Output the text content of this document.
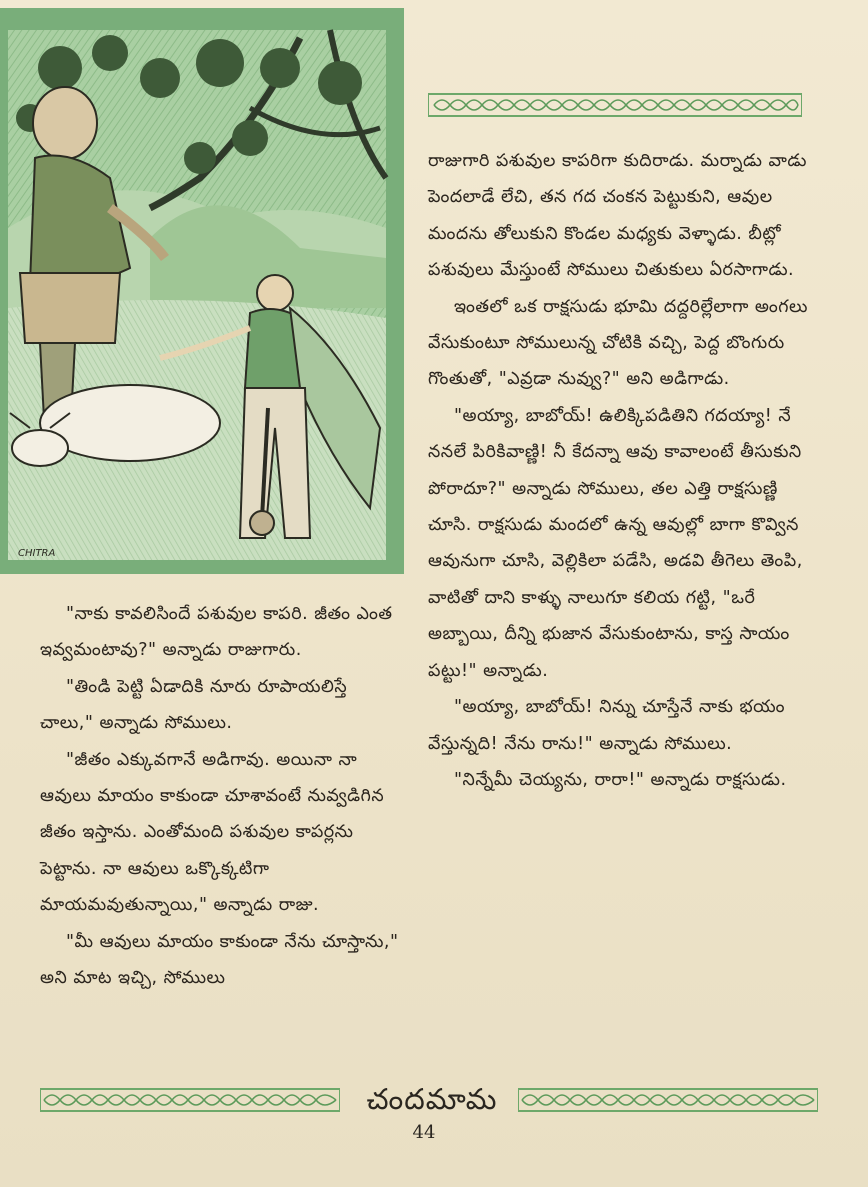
CHITRA

రాజుగారి పశువుల కాపరిగా కుదిరాడు. మర్నాడు వాడు పెందలాడే లేచి, తన గద చంకన పెట్టుకుని, ఆవుల మందను తోలుకుని కొండల మధ్యకు వెళ్ళాడు. బీట్లో పశువులు మేస్తుంటే సోములు చితుకులు ఏరసాగాడు.

ఇంతలో ఒక రాక్షసుడు భూమి దద్దరిల్లేలాగా అంగలు వేసుకుంటూ సోములున్న చోటికి వచ్చి, పెద్ద బొంగురు గొంతుతో, "ఎవ్రడా నువ్వు?" అని అడిగాడు.

"అయ్యా, బాబోయ్! ఉలిక్కిపడితిని గదయ్యా! నే ననలే పిరికివాణ్ణి! నీ కేదన్నా ఆవు కావాలంటే తీసుకుని పోరాదూ?" అన్నాడు సోములు, తల ఎత్తి రాక్షసుణ్ణి చూసి. రాక్షసుడు మందలో ఉన్న ఆవుల్లో బాగా కొవ్విన ఆవునుగా చూసి, వెల్లికిలా పడేసి, అడవి తీగెలు తెంపి, వాటితో దాని కాళ్ళు నాలుగూ కలియ గట్టి, "ఒరే అబ్బాయి, దీన్ని భుజాన వేసుకుంటాను, కాస్త సాయం పట్టు!" అన్నాడు.

"అయ్యా, బాబోయ్! నిన్ను చూస్తేనే నాకు భయం వేస్తున్నది! నేను రాను!" అన్నాడు సోములు.

"నిన్నేమీ చెయ్యను, రారా!" అన్నాడు రాక్షసుడు.

"నాకు కావలిసిందే పశువుల కాపరి. జీతం ఎంత ఇవ్వమంటావు?" అన్నాడు రాజుగారు.

"తిండి పెట్టి ఏడాదికి నూరు రూపాయలిస్తే చాలు," అన్నాడు సోములు.

"జీతం ఎక్కువగానే అడిగావు. అయినా నా ఆవులు మాయం కాకుండా చూశావంటే నువ్వడిగిన జీతం ఇస్తాను. ఎంతోమంది పశువుల కాపర్లను పెట్టాను. నా ఆవులు ఒక్కొక్కటిగా మాయమవుతున్నాయి," అన్నాడు రాజు.

"మీ ఆవులు మాయం కాకుండా నేను చూస్తాను," అని మాట ఇచ్చి, సోములు

చందమామ
44
